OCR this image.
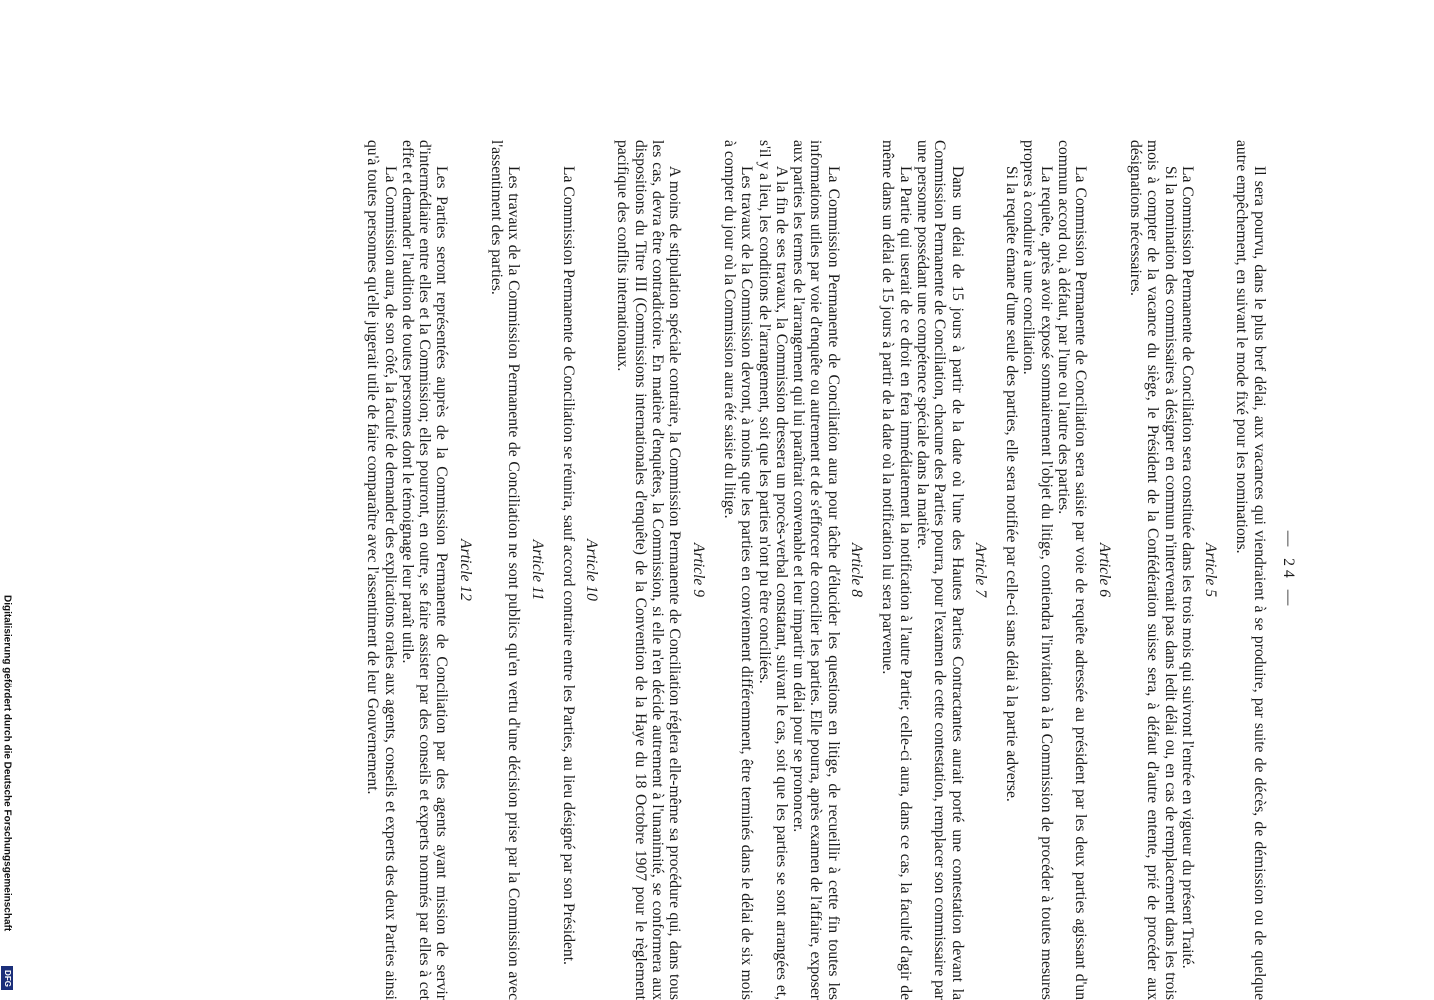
— 24 —

Il sera pourvu, dans le plus bref délai, aux vacances qui viendraient à se produire, par suite de décès, de démission ou de quelque autre empêchement, en suivant le mode fixé pour les nominations.

Article 5

La Commission Permanente de Conciliation sera constituée dans les trois mois qui suivront l'entrée en vigueur du présent Traité.

Si la nomination des commissaires à désigner en commun n'intervenait pas dans ledit délai ou, en cas de remplacement dans les trois mois à compter de la vacance du siège, le Président de la Confédération suisse sera, à défaut d'autre entente, prié de procéder aux désignations nécessaires.

Article 6

La Commission Permanente de Conciliation sera saisie par voie de requête adressée au président par les deux parties agissant d'un commun accord ou, à défaut, par l'une ou l'autre des parties.

La requête, après avoir exposé sommairement l'objet du litige, contiendra l'invitation à la Commission de procéder à toutes mesures propres à conduire à une conciliation.

Si la requête émane d'une seule des parties, elle sera notifiée par celle-ci sans délai à la partie adverse.

Article 7

Dans un délai de 15 jours à partir de la date où l'une des Hautes Parties Contractantes aurait porté une contestation devant la Commission Permanente de Conciliation, chacune des Parties pourra, pour l'examen de cette contestation, remplacer son commissaire par une personne possédant une compétence spéciale dans la matière.

La Partie qui userait de ce droit en fera immédiatement la notification à l'autre Partie; celle-ci aura, dans ce cas, la faculté d'agir de même dans un délai de 15 jours à partir de la date où la notification lui sera parvenue.

Article 8

La Commission Permanente de Conciliation aura pour tâche d'élucider les questions en litige, de recueillir à cette fin toutes les informations utiles par voie d'enquête ou autrement et de s'efforcer de concilier les parties. Elle pourra, après examen de l'affaire, exposer aux parties les termes de l'arrangement qui lui paraîtrait convenable et leur impartir un délai pour se prononcer.

A la fin de ses travaux, la Commission dressera un procès-verbal constatant, suivant le cas, soit que les parties se sont arrangées et, s'il y a lieu, les conditions de l'arrangement, soit que les parties n'ont pu être conciliées.

Les travaux de la Commission devront, à moins que les parties en conviennent différemment, être terminés dans le délai de six mois à compter du jour où la Commission aura été saisie du litige.

Article 9

A moins de stipulation spéciale contraire, la Commission Permanente de Conciliation réglera elle-même sa procédure qui, dans tous les cas, devra être contradictoire. En matière d'enquêtes, la Commission, si elle n'en décide autrement à l'unanimité, se conformera aux dispositions du Titre III (Commissions internationales d'enquête) de la Convention de la Haye du 18 Octobre 1907 pour le règlement pacifique des conflits internationaux.

Article 10

La Commission Permanente de Conciliation se réunira, sauf accord contraire entre les Parties, au lieu désigné par son Président.

Article 11

Les travaux de la Commission Permanente de Conciliation ne sont publics qu'en vertu d'une décision prise par la Commission avec l'assentiment des parties.

Article 12

Les Parties seront représentées auprès de la Commission Permanente de Conciliation par des agents ayant mission de servir d'intermédiaire entre elles et la Commission; elles pourront, en outre, se faire assister par des conseils et experts nommés par elles à cet effet et demander l'audition de toutes personnes dont le témoignage leur paraît utile.

La Commission aura, de son côté, la faculté de demander des explications orales aux agents, conseils et experts des deux Parties ainsi qu'à toutes personnes qu'elle jugerait utile de faire comparaître avec l'assentiment de leur Gouvernement.

Digitalisierung gefördert durch die Deutsche Forschungsgemeinschaft
DFG
